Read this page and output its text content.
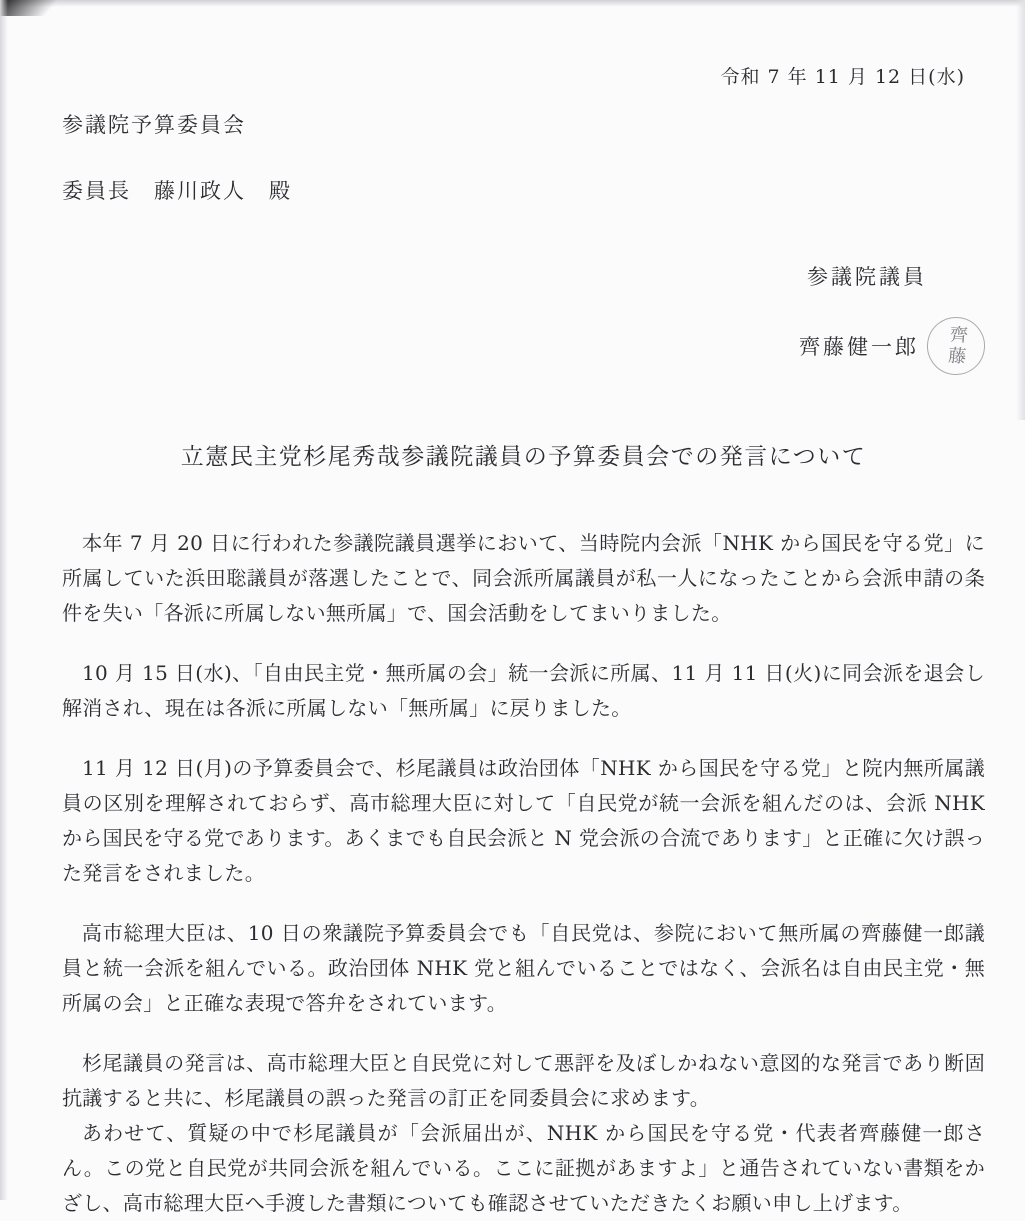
令和 7 年 11 月 12 日(水)
参議院予算委員会
委員長　藤川政人　殿
参議院議員
齊藤健一郎 齊藤
立憲民主党杉尾秀哉参議院議員の予算委員会での発言について

本年 7 月 20 日に行われた参議院議員選挙において、当時院内会派「NHK から国民を守る党」に所属していた浜田聡議員が落選したことで、同会派所属議員が私一人になったことから会派申請の条件を失い「各派に所属しない無所属」で、国会活動をしてまいりました。

10 月 15 日(水)、「自由民主党・無所属の会」統一会派に所属、11 月 11 日(火)に同会派を退会し解消され、現在は各派に所属しない「無所属」に戻りました。

11 月 12 日(月)の予算委員会で、杉尾議員は政治団体「NHK から国民を守る党」と院内無所属議員の区別を理解されておらず、高市総理大臣に対して「自民党が統一会派を組んだのは、会派 NHK から国民を守る党であります。あくまでも自民会派と N 党会派の合流であります」と正確に欠け誤った発言をされました。

高市総理大臣は、10 日の衆議院予算委員会でも「自民党は、参院において無所属の齊藤健一郎議員と統一会派を組んでいる。政治団体 NHK 党と組んでいることではなく、会派名は自由民主党・無所属の会」と正確な表現で答弁をされています。

杉尾議員の発言は、高市総理大臣と自民党に対して悪評を及ぼしかねない意図的な発言であり断固抗議すると共に、杉尾議員の誤った発言の訂正を同委員会に求めます。

あわせて、質疑の中で杉尾議員が「会派届出が、NHK から国民を守る党・代表者齊藤健一郎さん。この党と自民党が共同会派を組んでいる。ここに証拠があますよ」と通告されていない書類をかざし、高市総理大臣へ手渡した書類についても確認させていただきたくお願い申し上げます。
